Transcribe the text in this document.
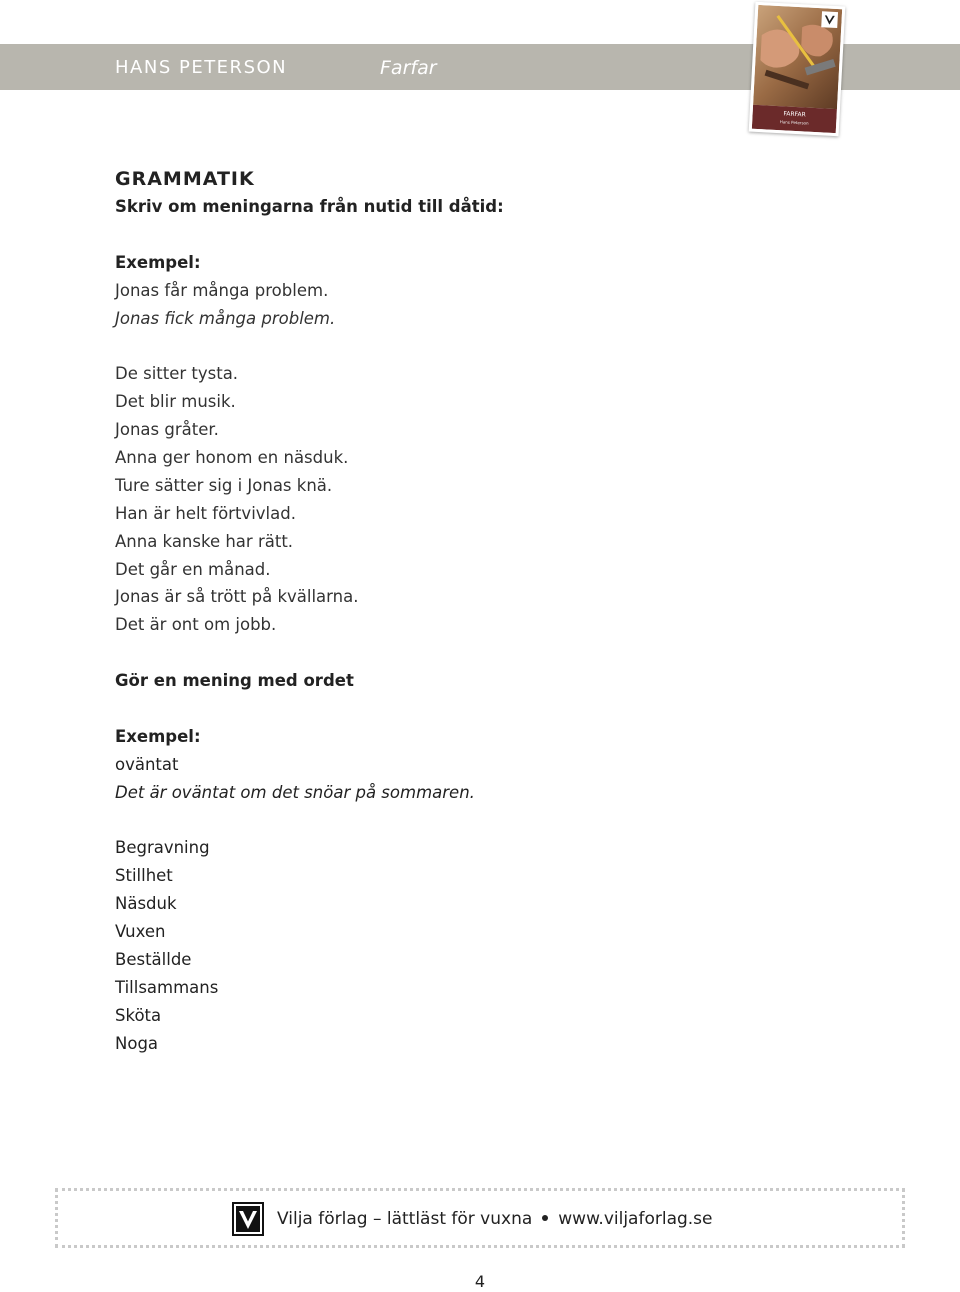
HANS PETERSON	Farfar
FARFAR
Hans Peterson
GRAMMATIK
Skriv om meningarna från nutid till dåtid:
Exempel:
Jonas får många problem.
Jonas fick många problem.
De sitter tysta.
Det blir musik.
Jonas gråter.
Anna ger honom en näsduk.
Ture sätter sig i Jonas knä.
Han är helt förtvivlad.
Anna kanske har rätt.
Det går en månad.
Jonas är så trött på kvällarna.
Det är ont om jobb.
Gör en mening med ordet
Exempel:
oväntat
Det är oväntat om det snöar på sommaren.
Begravning
Stillhet
Näsduk
Vuxen
Beställde
Tillsammans
Sköta
Noga
Vilja förlag – lättläst för vuxna www.viljaforlag.se
4
